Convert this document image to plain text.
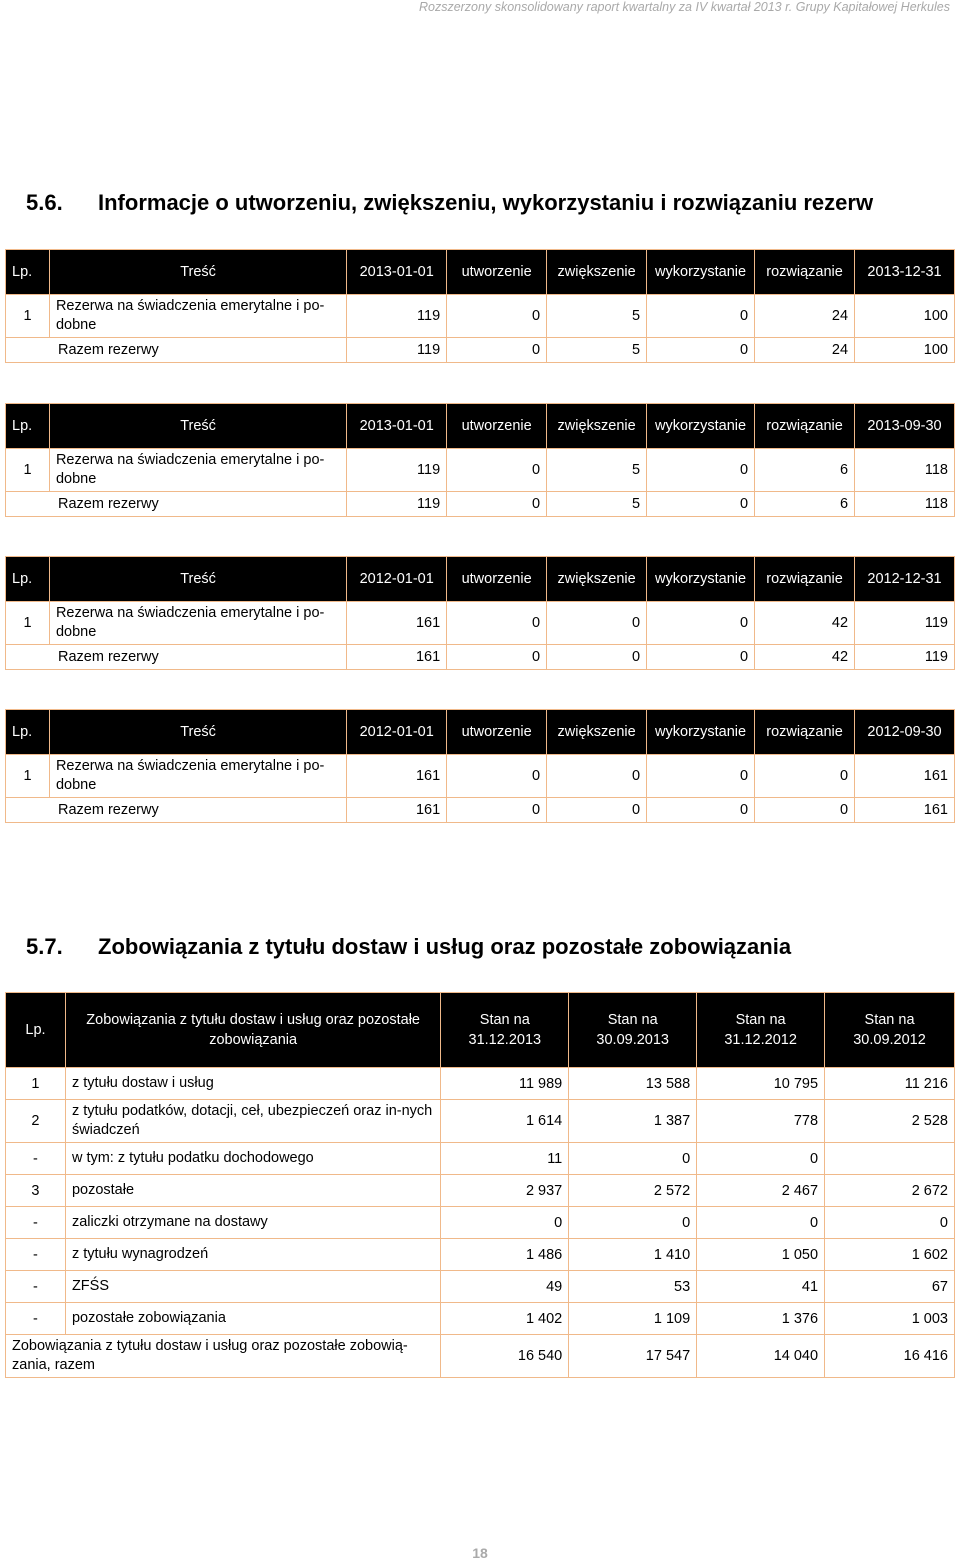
Rozszerzony skonsolidowany raport kwartalny za IV kwartał 2013 r. Grupy Kapitałowej Herkules
5.6. Informacje o utworzeniu, zwiększeniu, wykorzystaniu i rozwiązaniu rezerw
Lp.	Treść	2013-01-01	utworzenie	zwiększenie	wykorzystanie	rozwiązanie	2013-12-31
1	Rezerwa na świadczenia emerytalne i po-dobne	119	0	5	0	24	100
Razem rezerwy		119	0	5	0	24	100
Lp.	Treść	2013-01-01	utworzenie	zwiększenie	wykorzystanie	rozwiązanie	2013-09-30
1	Rezerwa na świadczenia emerytalne i po-dobne	119	0	5	0	6	118
Razem rezerwy		119	0	5	0	6	118
Lp.	Treść	2012-01-01	utworzenie	zwiększenie	wykorzystanie	rozwiązanie	2012-12-31
1	Rezerwa na świadczenia emerytalne i po-dobne	161	0	0	0	42	119
Razem rezerwy		161	0	0	0	42	119
Lp.	Treść	2012-01-01	utworzenie	zwiększenie	wykorzystanie	rozwiązanie	2012-09-30
1	Rezerwa na świadczenia emerytalne i po-dobne	161	0	0	0	0	161
Razem rezerwy		161	0	0	0	0	161
5.7. Zobowiązania z tytułu dostaw i usług oraz pozostałe zobowiązania
Lp.	Zobowiązania z tytułu dostaw i usług oraz pozostałe zobowiązania	Stan na 31.12.2013	Stan na 30.09.2013	Stan na 31.12.2012	Stan na 30.09.2012
1	z tytułu dostaw i usług	11 989	13 588	10 795	11 216
2	z tytułu podatków, dotacji, ceł, ubezpieczeń oraz in-nych świadczeń	1 614	1 387	778	2 528
-	w tym: z tytułu podatku dochodowego	11	0	0	
3	pozostałe	2 937	2 572	2 467	2 672
-	zaliczki otrzymane na dostawy	0	0	0	0
-	z tytułu wynagrodzeń	1 486	1 410	1 050	1 602
-	ZFŚS	49	53	41	67
-	pozostałe zobowiązania	1 402	1 109	1 376	1 003
Zobowiązania z tytułu dostaw i usług oraz pozostałe zobowią-zania, razem		16 540	17 547	14 040	16 416
18
